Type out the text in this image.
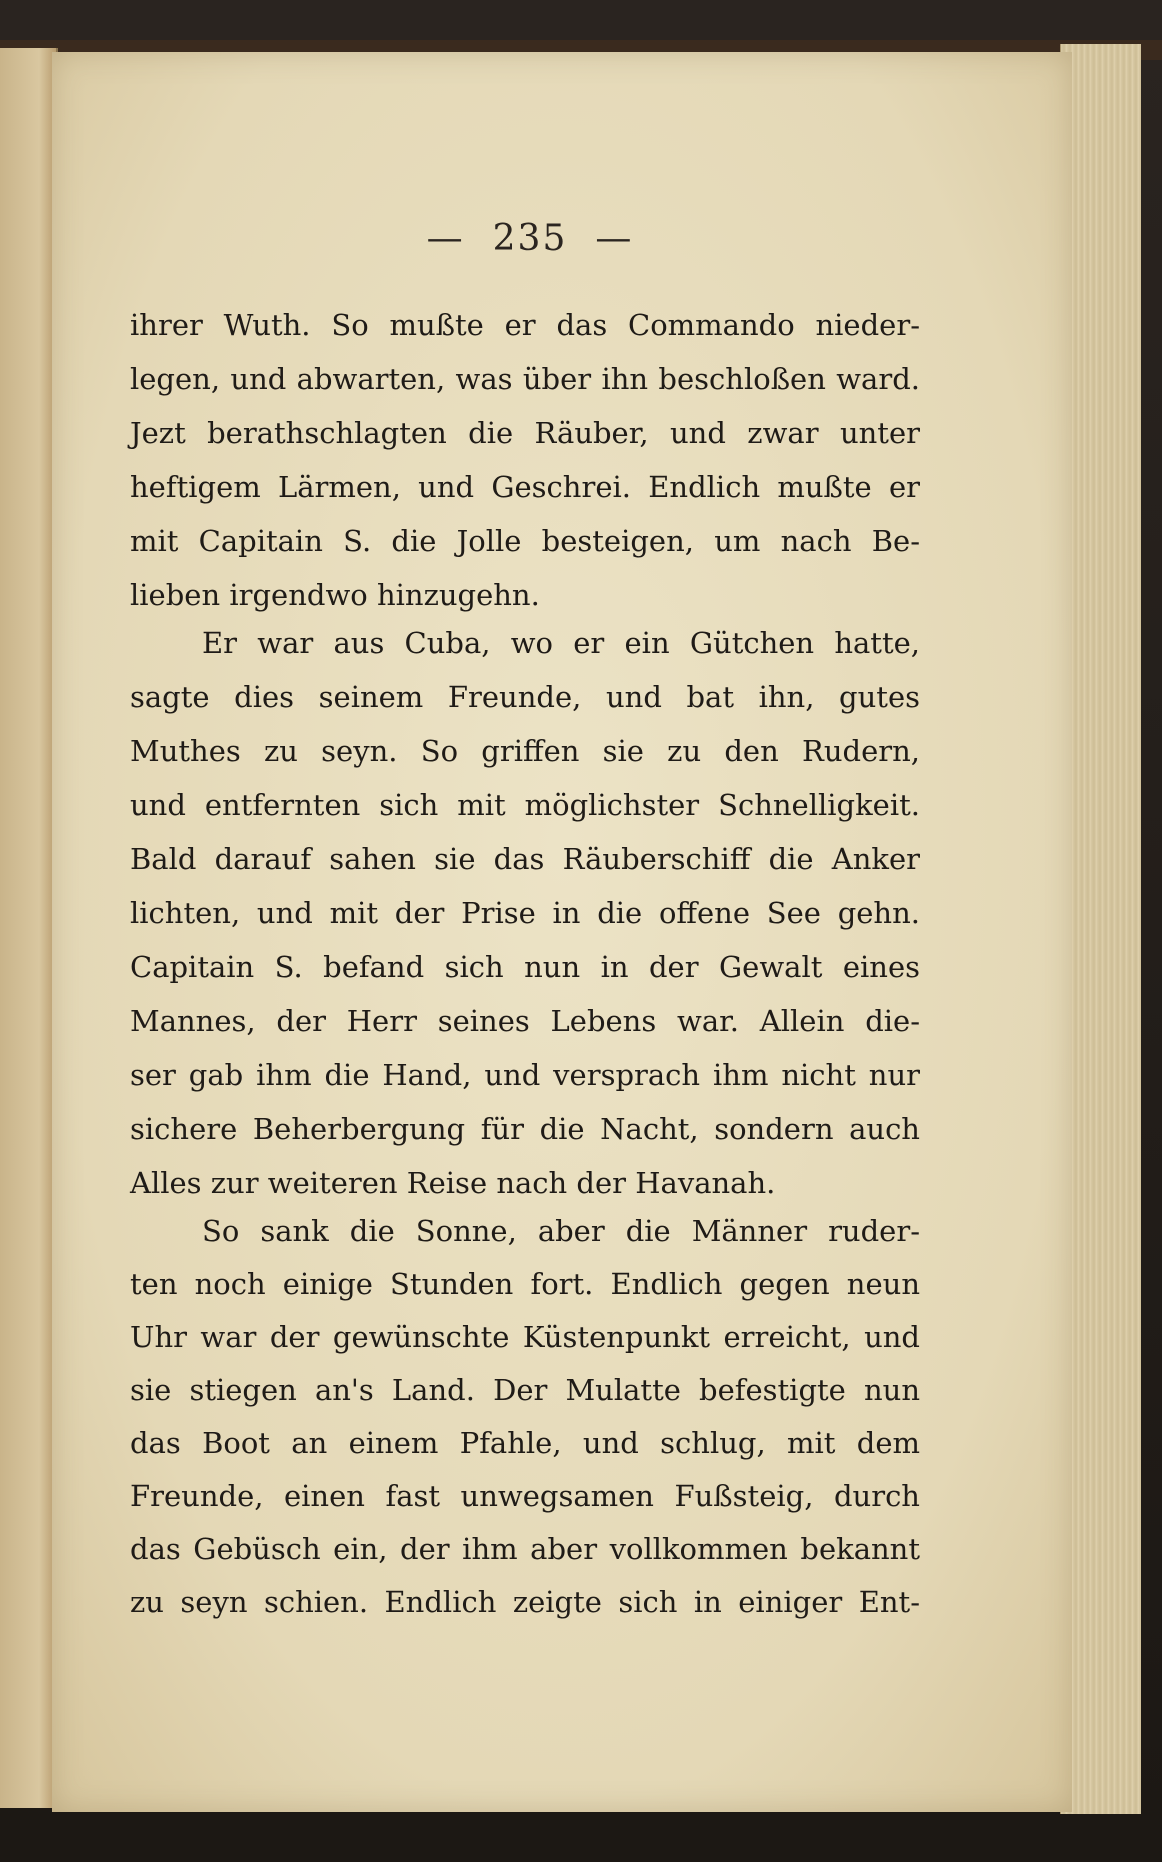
— 235 —
ihrer Wuth. So mußte er das Commando nieder-
legen, und abwarten, was über ihn beschloßen ward.
Jezt berathschlagten die Räuber, und zwar unter
heftigem Lärmen, und Geschrei. Endlich mußte er
mit Capitain S. die Jolle besteigen, um nach Be-
lieben irgendwo hinzugehn.
Er war aus Cuba, wo er ein Gütchen hatte,
sagte dies seinem Freunde, und bat ihn, gutes
Muthes zu seyn. So griffen sie zu den Rudern,
und entfernten sich mit möglichster Schnelligkeit.
Bald darauf sahen sie das Räuberschiff die Anker
lichten, und mit der Prise in die offene See gehn.
Capitain S. befand sich nun in der Gewalt eines
Mannes, der Herr seines Lebens war. Allein die-
ser gab ihm die Hand, und versprach ihm nicht nur
sichere Beherbergung für die Nacht, sondern auch
Alles zur weiteren Reise nach der Havanah.
So sank die Sonne, aber die Männer ruder-
ten noch einige Stunden fort. Endlich gegen neun
Uhr war der gewünschte Küstenpunkt erreicht, und
sie stiegen an's Land. Der Mulatte befestigte nun
das Boot an einem Pfahle, und schlug, mit dem
Freunde, einen fast unwegsamen Fußsteig, durch
das Gebüsch ein, der ihm aber vollkommen bekannt
zu seyn schien. Endlich zeigte sich in einiger Ent-
